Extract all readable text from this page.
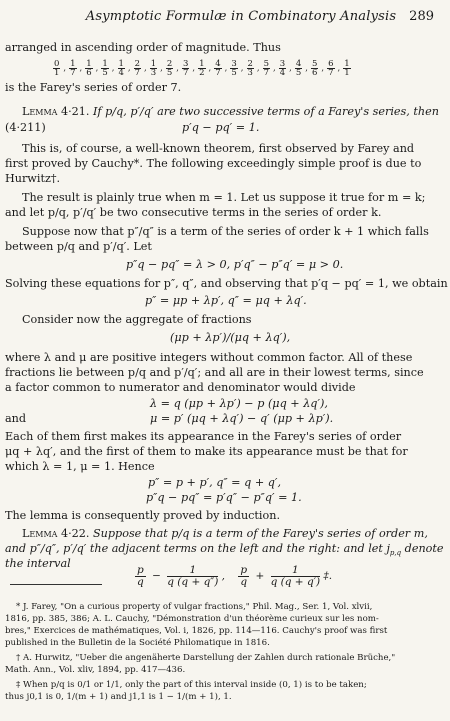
Asymptotic Formulæ in Combinatory Analysis 289
arranged in ascending order of magnitude. Thus
$\frac{0}{1}$ , $\frac{1}{7}$ , $\frac{1}{6}$ , $\frac{1}{5}$ , $\frac{1}{4}$ , $\frac{2}{7}$ , $\frac{1}{3}$ , $\frac{2}{5}$ , $\frac{3}{7}$ , $\frac{1}{2}$ , $\frac{4}{7}$ , $\frac{3}{5}$ , $\frac{2}{3}$ , $\frac{5}{7}$ , $\frac{3}{4}$ , $\frac{4}{5}$ , $\frac{5}{6}$ , $\frac{6}{7}$ , $\frac{1}{1}$
is the Farey's series of order 7.
Lemma 4·21. If p/q, p′/q′ are two successive terms of a Farey's series, then
(4·211)	p′q − pq′ = 1.
This is, of course, a well-known theorem, first observed by Farey and
first proved by Cauchy*. The following exceedingly simple proof is due to
Hurwitz†.
The result is plainly true when m = 1. Let us suppose it true for m = k;
and let p/q, p′/q′ be two consecutive terms in the series of order k.
Suppose now that p″/q″ is a term of the series of order k + 1 which falls
between p/q and p′/q′. Let
p″q − pq″ = λ > 0, p′q″ − p″q′ = μ > 0.
Solving these equations for p″, q″, and observing that p′q − pq′ = 1, we obtain
p″ = μp + λp′, q″ = μq + λq′.
Consider now the aggregate of fractions
(μp + λp′)/(μq + λq′),
where λ and μ are positive integers without common factor. All of these
fractions lie between p/q and p′/q′; and all are in their lowest terms, since
a factor common to numerator and denominator would divide
λ = q (μp + λp′) − p (μq + λq′),
and	μ = p′ (μq + λq′) − q′ (μp + λp′).
Each of them first makes its appearance in the Farey's series of order
μq + λq′, and the first of them to make its appearance must be that for
which λ = 1, μ = 1. Hence
p″ = p + p′, q″ = q + q′,
p″q − pq″ = p′q″ − p″q′ = 1.
The lemma is consequently proved by induction.
Lemma 4·22. Suppose that p/q is a term of the Farey's series of order m,
and p″/q″, p′/q′ the adjacent terms on the left and the right: and let $j_{p,q}$ denote
the interval
$\frac{p}{q} - \frac{1}{q (q + q'')}$ , $\frac{p}{q} + \frac{1}{q (q + q')}$ ‡.
* J. Farey, "On a curious property of vulgar fractions," Phil. Mag., Ser. 1, Vol. xlvii,
1816, pp. 385, 386; A. L. Cauchy, "Démonstration d'un théorème curieux sur les nom-
bres," Exercices de mathématiques, Vol. i, 1826, pp. 114—116. Cauchy's proof was first
published in the Bulletin de la Société Philomatique in 1816.
† A. Hurwitz, "Ueber die angenäherte Darstellung der Zahlen durch rationale Brüche,"
Math. Ann., Vol. xliv, 1894, pp. 417—436.
‡ When p/q is 0/1 or 1/1, only the part of this interval inside (0, 1) is to be taken;
thus j0,1 is 0, 1/(m + 1) and j1,1 is 1 − 1/(m + 1), 1.
